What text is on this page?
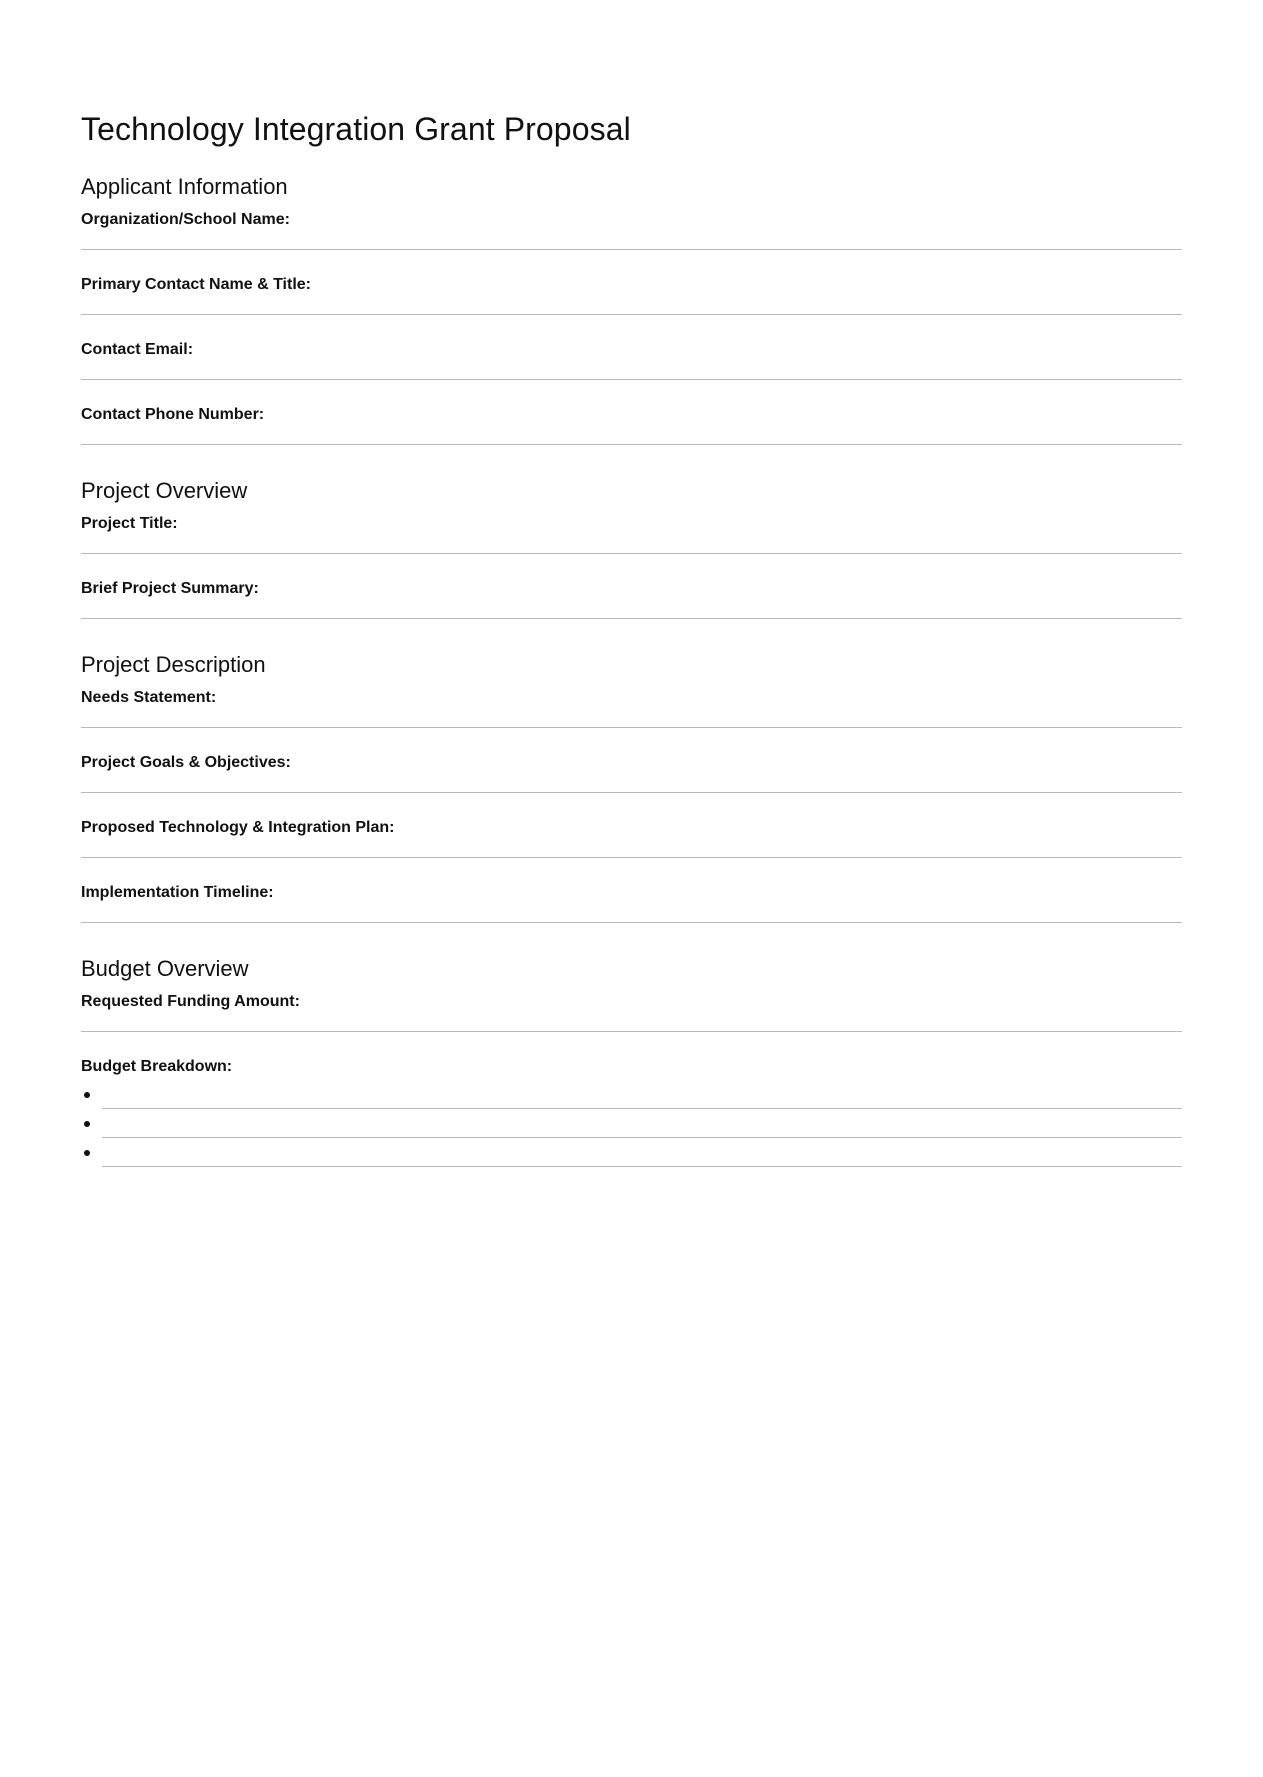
Technology Integration Grant Proposal
Applicant Information
Organization/School Name:
Primary Contact Name & Title:
Contact Email:
Contact Phone Number:
Project Overview
Project Title:
Brief Project Summary:
Project Description
Needs Statement:
Project Goals & Objectives:
Proposed Technology & Integration Plan:
Implementation Timeline:
Budget Overview
Requested Funding Amount:
Budget Breakdown:
